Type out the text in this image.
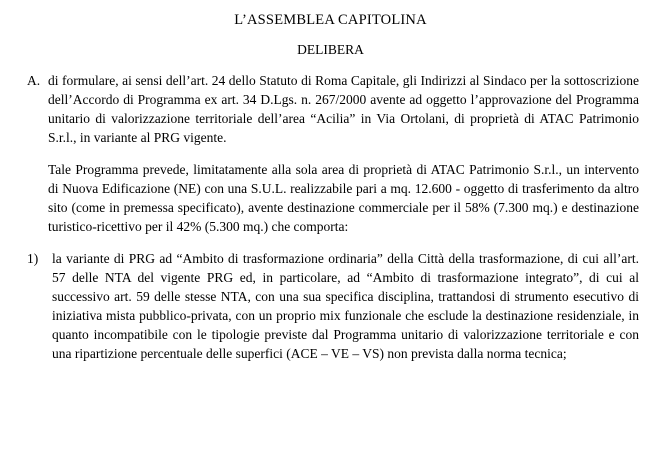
L’ASSEMBLEA CAPITOLINA
DELIBERA
A. di formulare, ai sensi dell’art. 24 dello Statuto di Roma Capitale, gli Indirizzi al Sindaco per la sottoscrizione dell’Accordo di Programma ex art. 34 D.Lgs. n. 267/2000 avente ad oggetto l’approvazione del Programma unitario di valorizzazione territoriale dell’area “Acilia” in Via Ortolani, di proprietà di ATAC Patrimonio S.r.l., in variante al PRG vigente.
Tale Programma prevede, limitatamente alla sola area di proprietà di ATAC Patrimonio S.r.l., un intervento di Nuova Edificazione (NE) con una S.U.L. realizzabile pari a mq. 12.600 - oggetto di trasferimento da altro sito (come in premessa specificato), avente destinazione commerciale per il 58% (7.300 mq.) e destinazione turistico-ricettivo per il 42% (5.300 mq.) che comporta:
1)	la variante di PRG ad “Ambito di trasformazione ordinaria” della Città della trasformazione, di cui all’art. 57 delle NTA del vigente PRG ed, in particolare, ad “Ambito di trasformazione integrato”, di cui al successivo art. 59 delle stesse NTA, con una sua specifica disciplina, trattandosi di strumento esecutivo di iniziativa mista pubblico-privata, con un proprio mix funzionale che esclude la destinazione residenziale, in quanto incompatibile con le tipologie previste dal Programma unitario di valorizzazione territoriale e con una ripartizione percentuale delle superfici (ACE – VE – VS) non prevista dalla norma tecnica;
